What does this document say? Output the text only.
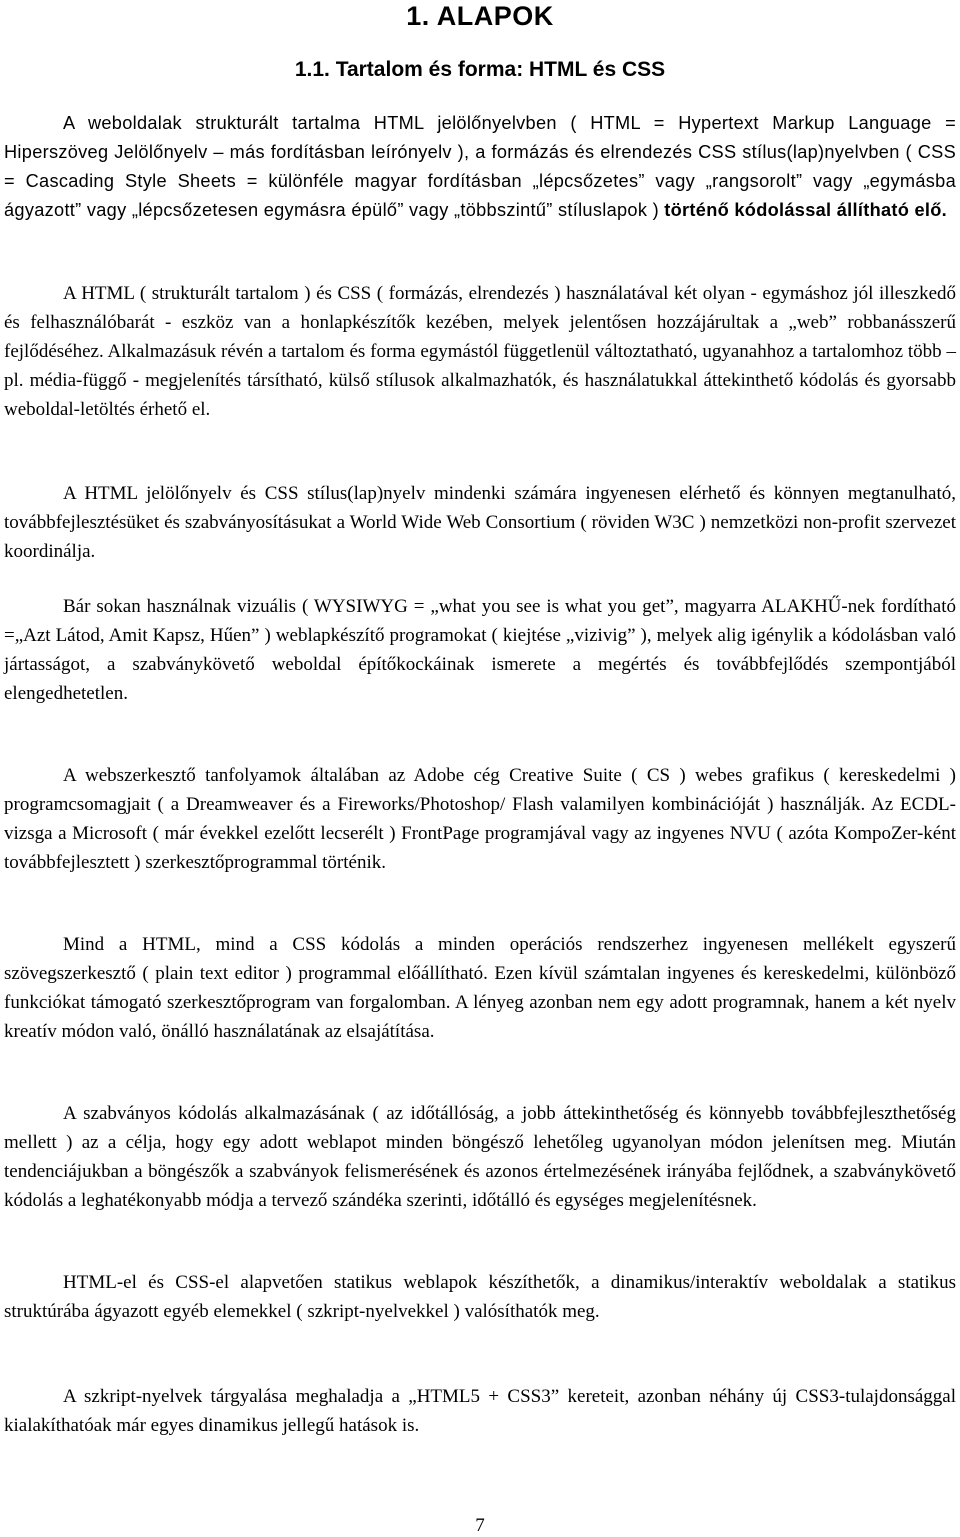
1. ALAPOK
1.1. Tartalom és forma: HTML és CSS

A weboldalak strukturált tartalma HTML jelölőnyelvben ( HTML = Hypertext Markup Language = Hiperszöveg Jelölőnyelv – más fordításban leírónyelv ), a formázás és elrendezés CSS stílus(lap)nyelvben ( CSS = Cascading Style Sheets = különféle magyar fordításban „lépcsőzetes” vagy „rangsorolt” vagy „egymásba ágyazott” vagy „lépcsőzetesen egymásra épülő” vagy „többszintű” stíluslapok ) történő kódolással állítható elő.

A HTML ( strukturált tartalom ) és CSS ( formázás, elrendezés ) használatával két olyan - egymáshoz jól illeszkedő és felhasználóbarát - eszköz van a honlapkészítők kezében, melyek jelentősen hozzájárultak a „web” robbanásszerű fejlődéséhez. Alkalmazásuk révén a tartalom és forma egymástól függetlenül változtatható, ugyanahhoz a tartalomhoz több – pl. média-függő - megjelenítés társítható, külső stílusok alkalmazhatók, és használatukkal áttekinthető kódolás és gyorsabb weboldal-letöltés érhető el.

A HTML jelölőnyelv és CSS stílus(lap)nyelv mindenki számára ingyenesen elérhető és könnyen megtanulható, továbbfejlesztésüket és szabványosításukat a World Wide Web Consortium ( röviden W3C ) nemzetközi non-profit szervezet koordinálja.

Bár sokan használnak vizuális ( WYSIWYG = „what you see is what you get”, magyarra ALAKHŰ-nek fordítható =„Azt Látod, Amit Kapsz, Hűen” ) weblapkészítő programokat ( kiejtése „vizivig” ), melyek alig igénylik a kódolásban való jártasságot, a szabványkövető weboldal építőkockáinak ismerete a megértés és továbbfejlődés szempontjából elengedhetetlen.

A webszerkesztő tanfolyamok általában az Adobe cég Creative Suite ( CS ) webes grafikus ( kereskedelmi ) programcsomagjait ( a Dreamweaver és a Fireworks/Photoshop/ Flash valamilyen kombinációját ) használják. Az ECDL-vizsga a Microsoft ( már évekkel ezelőtt lecserélt ) FrontPage programjával vagy az ingyenes NVU ( azóta KompoZer-ként továbbfejlesztett ) szerkesztőprogrammal történik.

Mind a HTML, mind a CSS kódolás a minden operációs rendszerhez ingyenesen mellékelt egyszerű szövegszerkesztő ( plain text editor ) programmal előállítható. Ezen kívül számtalan ingyenes és kereskedelmi, különböző funkciókat támogató szerkesztőprogram van forgalomban. A lényeg azonban nem egy adott programnak, hanem a két nyelv kreatív módon való, önálló használatának az elsajátítása.

A szabványos kódolás alkalmazásának ( az időtállóság, a jobb áttekinthetőség és könnyebb továbbfejleszthetőség mellett ) az a célja, hogy egy adott weblapot minden böngésző lehetőleg ugyanolyan módon jelenítsen meg. Miután tendenciájukban a böngészők a szabványok felismerésének és azonos értelmezésének irányába fejlődnek, a szabványkövető kódolás a leghatékonyabb módja a tervező szándéka szerinti, időtálló és egységes megjelenítésnek.

HTML-el és CSS-el alapvetően statikus weblapok készíthetők, a dinamikus/interaktív weboldalak a statikus struktúrába ágyazott egyéb elemekkel ( szkript-nyelvekkel ) valósíthatók meg.

A szkript-nyelvek tárgyalása meghaladja a „HTML5 + CSS3” kereteit, azonban néhány új CSS3-tulajdonsággal kialakíthatóak már egyes dinamikus jellegű hatások is.

7
